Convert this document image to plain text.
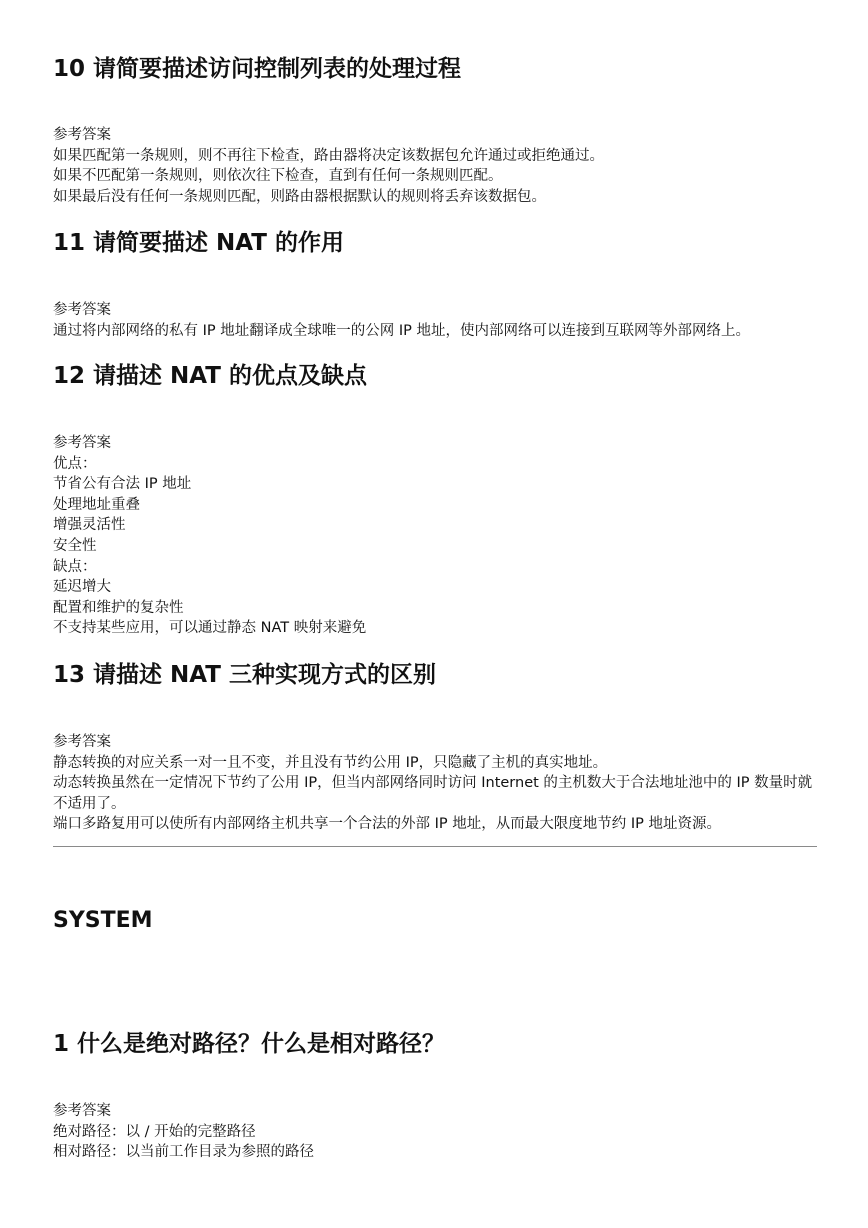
10 请简要描述访问控制列表的处理过程
参考答案
如果匹配第一条规则，则不再往下检查，路由器将决定该数据包允许通过或拒绝通过。
如果不匹配第一条规则，则依次往下检查，直到有任何一条规则匹配。
如果最后没有任何一条规则匹配，则路由器根据默认的规则将丢弃该数据包。
11 请简要描述 NAT 的作用
参考答案
通过将内部网络的私有 IP 地址翻译成全球唯一的公网 IP 地址，使内部网络可以连接到互联网等外部网络上。
12 请描述 NAT 的优点及缺点
参考答案
优点：
节省公有合法 IP 地址
处理地址重叠
增强灵活性
安全性
缺点：
延迟增大
配置和维护的复杂性
不支持某些应用，可以通过静态 NAT 映射来避免
13 请描述 NAT 三种实现方式的区别
参考答案
静态转换的对应关系一对一且不变，并且没有节约公用 IP，只隐藏了主机的真实地址。
动态转换虽然在一定情况下节约了公用 IP，但当内部网络同时访问 Internet 的主机数大于合法地址池中的 IP 数量时就不适用了。
端口多路复用可以使所有内部网络主机共享一个合法的外部 IP 地址，从而最大限度地节约 IP 地址资源。
SYSTEM
1 什么是绝对路径？什么是相对路径？
参考答案
绝对路径：以 / 开始的完整路径
相对路径：以当前工作目录为参照的路径
